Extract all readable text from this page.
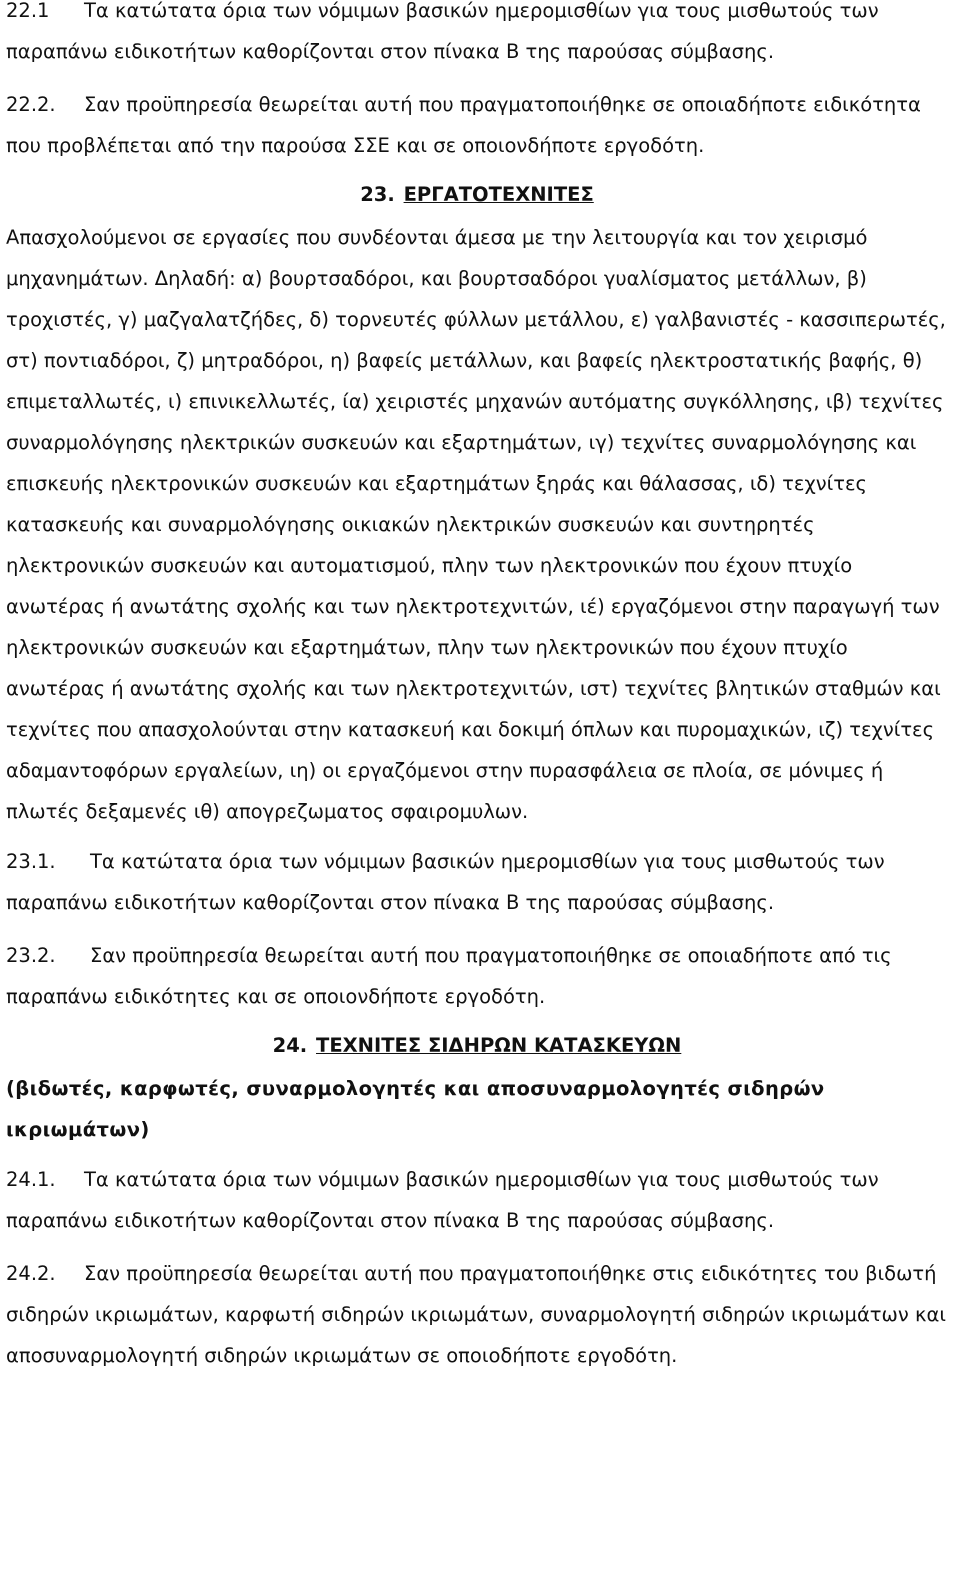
22.1 Τα κατώτατα όρια των νόμιμων βασικών ημερομισθίων για τους μισθωτούς των παραπάνω ειδικοτήτων καθορίζονται στον πίνακα Β της παρούσας σύμβασης.

22.2. Σαν προϋπηρεσία θεωρείται αυτή που πραγματοποιήθηκε σε οποιαδήποτε ειδικότητα που προβλέπεται από την παρούσα ΣΣΕ και σε οποιονδήποτε εργοδότη.

23. ΕΡΓΑΤΟΤΕΧΝΙΤΕΣ

Απασχολούμενοι σε εργασίες που συνδέονται άμεσα με την λειτουργία και τον χειρισμό μηχανημάτων. Δηλαδή: α) βουρτσαδόροι, και βουρτσαδόροι γυαλίσματος μετάλλων, β) τροχιστές, γ) μαζγαλατζήδες, δ) τορνευτές φύλλων μετάλλου, ε) γαλβανιστές - κασσιπερωτές, στ) ποντιαδόροι, ζ) μητραδόροι, η) βαφείς μετάλλων, και βαφείς ηλεκτροστατικής βαφής, θ) επιμεταλλωτές, ι) επινικελλωτές, ία) χειριστές μηχανών αυτόματης συγκόλλησης, ιβ) τεχνίτες συναρμολόγησης ηλεκτρικών συσκευών και εξαρτημάτων, ιγ) τεχνίτες συναρμολόγησης και επισκευής ηλεκτρονικών συσκευών και εξαρτημάτων ξηράς και θάλασσας, ιδ) τεχνίτες κατασκευής και συναρμολόγησης οικιακών ηλεκτρικών συσκευών και συντηρητές ηλεκτρονικών συσκευών και αυτοματισμού, πλην των ηλεκτρονικών που έχουν πτυχίο ανωτέρας ή ανωτάτης σχολής και των ηλεκτροτεχνιτών, ιέ) εργαζόμενοι στην παραγωγή των ηλεκτρονικών συσκευών και εξαρτημάτων, πλην των ηλεκτρονικών που έχουν πτυχίο ανωτέρας ή ανωτάτης σχολής και των ηλεκτροτεχνιτών, ιστ) τεχνίτες βλητικών σταθμών και τεχνίτες που απασχολούνται στην κατασκευή και δοκιμή όπλων και πυρομαχικών, ιζ) τεχνίτες αδαμαντοφόρων εργαλείων, ιη) οι εργαζόμενοι στην πυρασφάλεια σε πλοία, σε μόνιμες ή πλωτές δεξαμενές ιθ) απογρεζωματος σφαιρομυλων.

23.1. Τα κατώτατα όρια των νόμιμων βασικών ημερομισθίων για τους μισθωτούς των παραπάνω ειδικοτήτων καθορίζονται στον πίνακα Β της παρούσας σύμβασης.

23.2. Σαν προϋπηρεσία θεωρείται αυτή που πραγματοποιήθηκε σε οποιαδήποτε από τις παραπάνω ειδικότητες και σε οποιονδήποτε εργοδότη.

24. ΤΕΧΝΙΤΕΣ ΣΙΔΗΡΩΝ ΚΑΤΑΣΚΕΥΩΝ

(βιδωτές, καρφωτές, συναρμολογητές και αποσυναρμολογητές σιδηρών ικριωμάτων)

24.1. Τα κατώτατα όρια των νόμιμων βασικών ημερομισθίων για τους μισθωτούς των παραπάνω ειδικοτήτων καθορίζονται στον πίνακα Β της παρούσας σύμβασης.

24.2. Σαν προϋπηρεσία θεωρείται αυτή που πραγματοποιήθηκε στις ειδικότητες του βιδωτή σιδηρών ικριωμάτων, καρφωτή σιδηρών ικριωμάτων, συναρμολογητή σιδηρών ικριωμάτων και αποσυναρμολογητή σιδηρών ικριωμάτων σε οποιοδήποτε εργοδότη.
